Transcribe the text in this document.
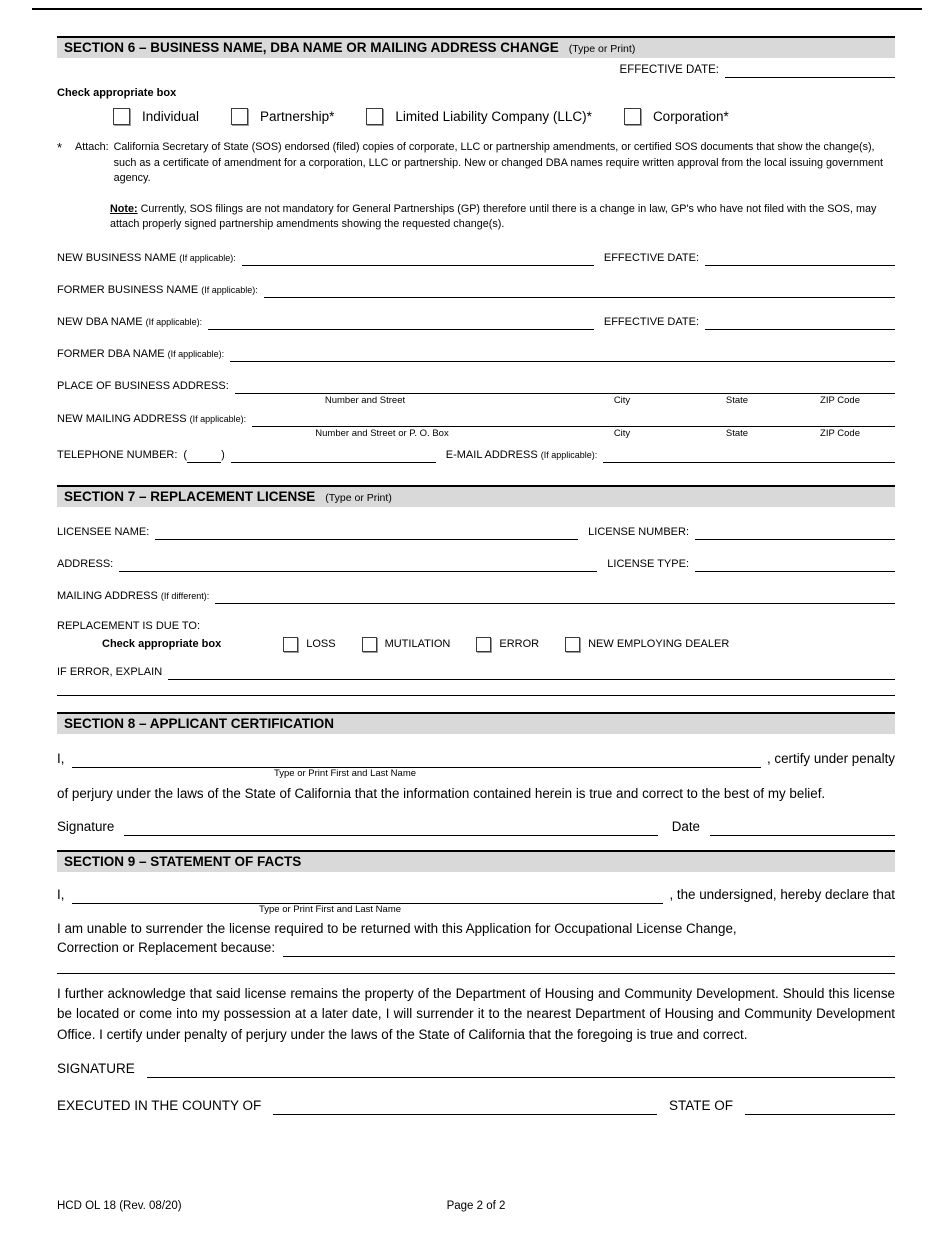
SECTION 6 – BUSINESS NAME, DBA NAME OR MAILING ADDRESS CHANGE (Type or Print)
EFFECTIVE DATE:
Check appropriate box
Individual	Partnership*	Limited Liability Company (LLC)*	Corporation*
*	Attach: California Secretary of State (SOS) endorsed (filed) copies of corporate, LLC or partnership amendments, or certified SOS documents that show the change(s), such as a certificate of amendment for a corporation, LLC or partnership. New or changed DBA names require written approval from the local issuing government agency.
Note: Currently, SOS filings are not mandatory for General Partnerships (GP) therefore until there is a change in law, GP's who have not filed with the SOS, may attach properly signed partnership amendments showing the requested change(s).
NEW BUSINESS NAME (If applicable):	EFFECTIVE DATE:
FORMER BUSINESS NAME (If applicable):
NEW DBA NAME (If applicable):	EFFECTIVE DATE:
FORMER DBA NAME (If applicable):
PLACE OF BUSINESS ADDRESS:
Number and Street	City	State	ZIP Code
NEW MAILING ADDRESS (If applicable):
Number and Street or P. O. Box	City	State	ZIP Code
TELEPHONE NUMBER: (	)	E-MAIL ADDRESS (If applicable):
SECTION 7 – REPLACEMENT LICENSE (Type or Print)
LICENSEE NAME:	LICENSE NUMBER:
ADDRESS:	LICENSE TYPE:
MAILING ADDRESS (If different):
REPLACEMENT IS DUE TO:
Check appropriate box	LOSS	MUTILATION	ERROR	NEW EMPLOYING DEALER
IF ERROR, EXPLAIN
SECTION 8 – APPLICANT CERTIFICATION
I,	, certify under penalty
Type or Print First and Last Name
of perjury under the laws of the State of California that the information contained herein is true and correct to the best of my belief.
Signature	Date
SECTION 9 – STATEMENT OF FACTS
I,	, the undersigned, hereby declare that
Type or Print First and Last Name
I am unable to surrender the license required to be returned with this Application for Occupational License Change,
Correction or Replacement because:
I further acknowledge that said license remains the property of the Department of Housing and Community Development. Should this license be located or come into my possession at a later date, I will surrender it to the nearest Department of Housing and Community Development Office. I certify under penalty of perjury under the laws of the State of California that the foregoing is true and correct.
SIGNATURE
EXECUTED IN THE COUNTY OF	STATE OF
HCD OL 18 (Rev. 08/20)	Page 2 of 2
